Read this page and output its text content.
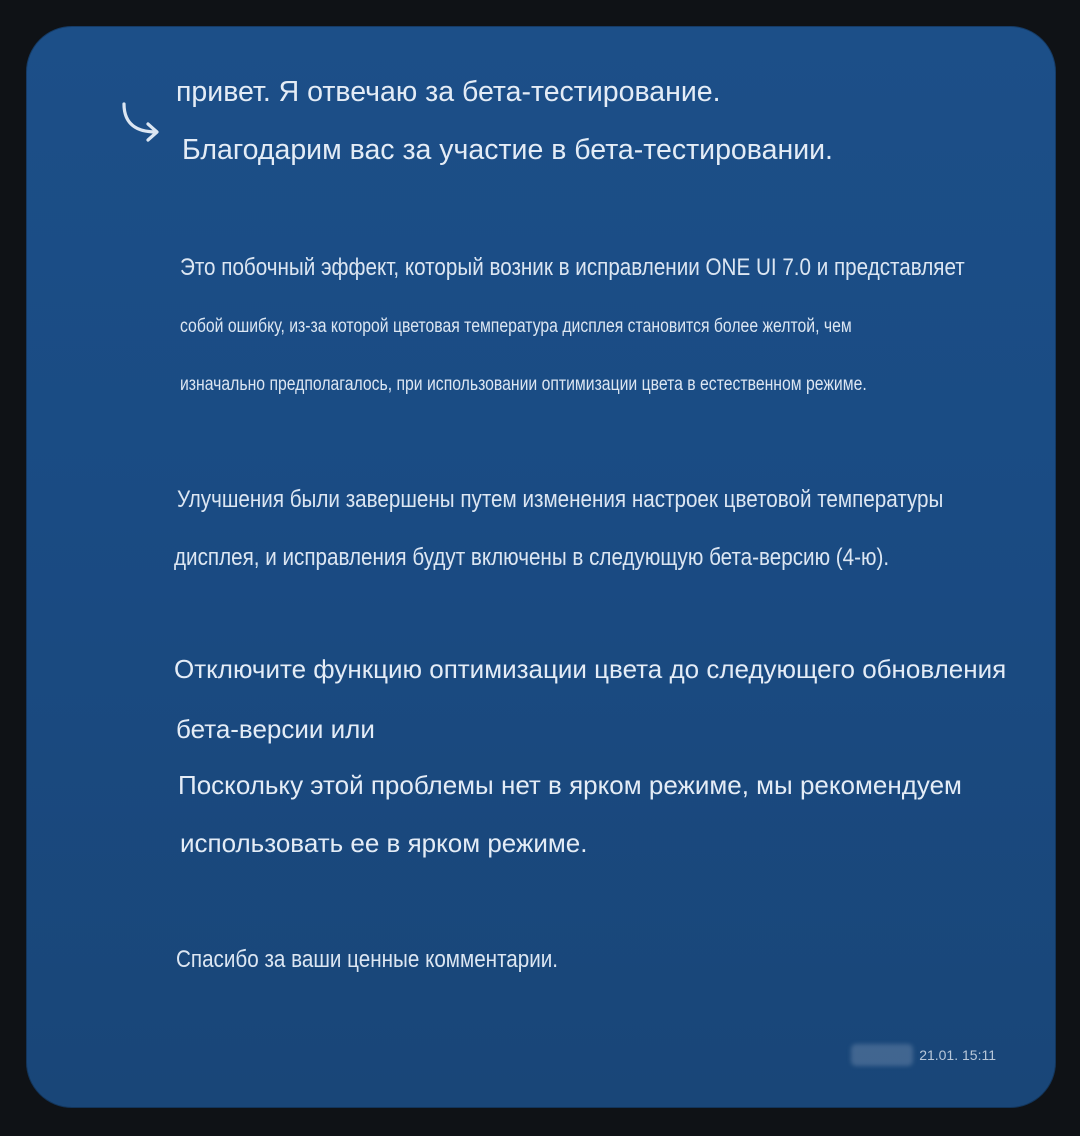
привет. Я отвечаю за бета-тестирование.
Благодарим вас за участие в бета-тестировании.
Это побочный эффект, который возник в исправлении ONE UI 7.0 и представляет
собой ошибку, из-за которой цветовая температура дисплея становится более желтой, чем
изначально предполагалось, при использовании оптимизации цвета в естественном режиме.
Улучшения были завершены путем изменения настроек цветовой температуры
дисплея, и исправления будут включены в следующую бета-версию (4-ю).
Отключите функцию оптимизации цвета до следующего обновления
бета-версии или
Поскольку этой проблемы нет в ярком режиме, мы рекомендуем
использовать ее в ярком режиме.
Спасибо за ваши ценные комментарии.
21.01. 15:11
